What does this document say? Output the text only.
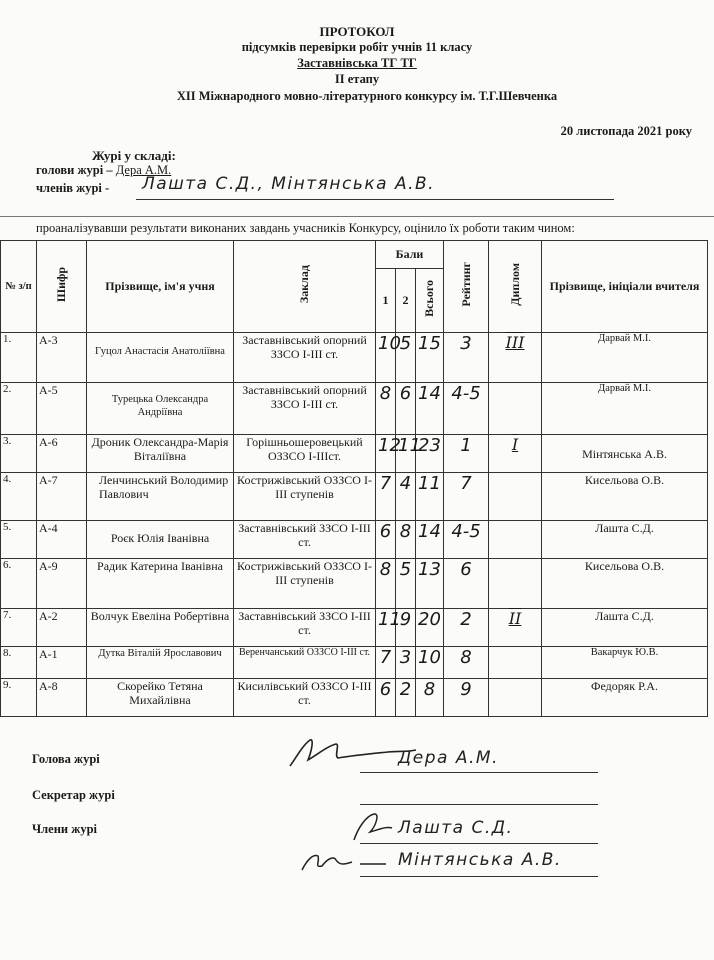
ПРОТОКОЛ
підсумків перевірки робіт учнів 11 класу
Заставнівська ТГ ТГ
ІІ етапу
ХІІ Міжнародного мовно-літературного конкурсу ім. Т.Г.Шевченка
20 листопада 2021 року
Журі у складі:
голови журі – Дера А.М.
членів журі - Лашта С.Д., Мінтянська А.В.
проаналізувавши результати виконаних завдань учасників Конкурсу, оцінило їх роботи таким чином:
№ з/п	Шифр	Прізвище, ім'я учня	Заклад	Бали			Рейтинг	Диплом	Прізвище, ініціали вчителя
				1	2	Всього			
1.	А-3	Гуцол Анастасія Анатоліївна	Заставнівський опорний ЗЗСО І-ІІІ ст.	10	5	15	3	ІІІ	Дарвай М.І.
2.	А-5	Турецька Олександра Андріївна	Заставнівський опорний ЗЗСО І-ІІІ ст.	8	6	14	4-5		Дарвай М.І.
3.	А-6	Дроник Олександра-Марія Віталіївна	Горішньошеровецький ОЗЗСО І-ІІІст.	12	11	23	1	І	Мінтянська А.В.
4.	А-7	Ленчинський Володимир Павлович	Кострижівський ОЗЗСО І-ІІІ ступенів	7	4	11	7		Кисельова О.В.
5.	А-4	Роєк Юлія Іванівна	Заставнівський ЗЗСО І-ІІІ ст.	6	8	14	4-5		Лашта С.Д.
6.	А-9	Радик Катерина Іванівна	Кострижівський ОЗЗСО І-ІІІ ступенів	8	5	13	6		Кисельова О.В.
7.	А-2	Волчук Евеліна Робертівна	Заставнівський ЗЗСО І-ІІІ ст.	11	9	20	2	ІІ	Лашта С.Д.
8.	А-1	Дутка Віталій Ярославович	Веренчанський ОЗЗСО І-ІІІ ст.	7	3	10	8		Вакарчук Ю.В.
9.	А-8	Скорейко Тетяна Михайлівна	Кисилівський ОЗЗСО І-ІІІ ст.	6	2	8	9		Федоряк Р.А.
Голова журі	Дера А.М.
Секретар журі
Члени журі	Лашта С.Д.
Мінтянська А.В.
